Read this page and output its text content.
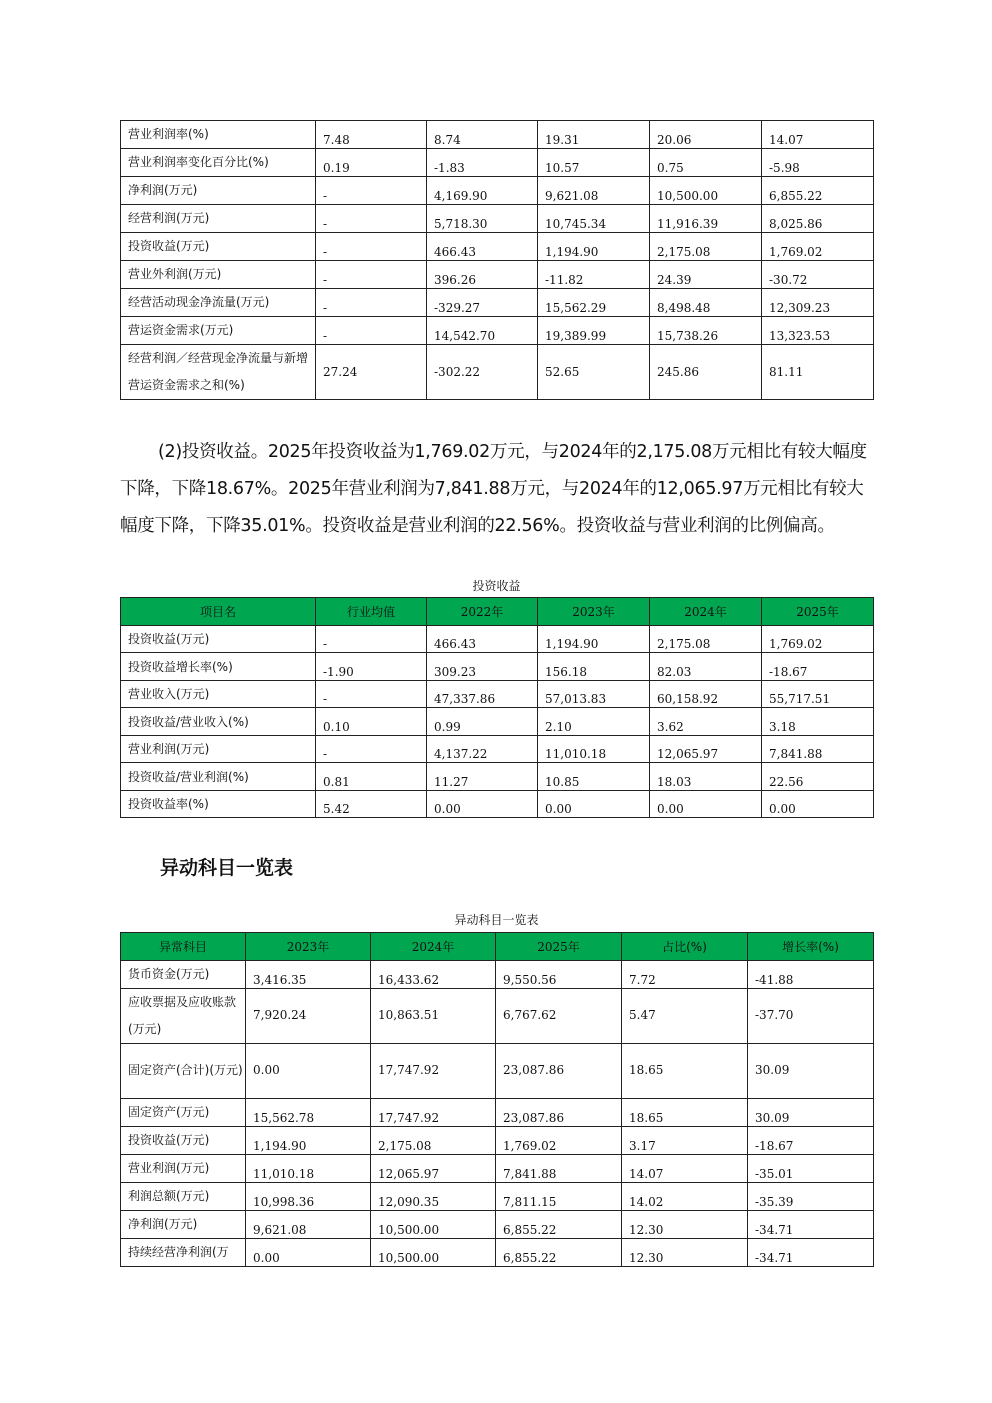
营业利润率(%)	7.48	8.74	19.31	20.06	14.07
营业利润率变化百分比(%)	0.19	-1.83	10.57	0.75	-5.98
净利润(万元)	-	4,169.90	9,621.08	10,500.00	6,855.22
经营利润(万元)	-	5,718.30	10,745.34	11,916.39	8,025.86
投资收益(万元)	-	466.43	1,194.90	2,175.08	1,769.02
营业外利润(万元)	-	396.26	-11.82	24.39	-30.72
经营活动现金净流量(万元)	-	-329.27	15,562.29	8,498.48	12,309.23
营运资金需求(万元)	-	14,542.70	19,389.99	15,738.26	13,323.53
经营利润／经营现金净流量与新增营运资金需求之和(%)	27.24	-302.22	52.65	245.86	81.11

(2)投资收益。2025年投资收益为1,769.02万元，与2024年的2,175.08万元相比有较大幅度下降，下降18.67%。2025年营业利润为7,841.88万元，与2024年的12,065.97万元相比有较大幅度下降，下降35.01%。投资收益是营业利润的22.56%。投资收益与营业利润的比例偏高。

投资收益
项目名	行业均值	2022年	2023年	2024年	2025年
投资收益(万元)	-	466.43	1,194.90	2,175.08	1,769.02
投资收益增长率(%)	-1.90	309.23	156.18	82.03	-18.67
营业收入(万元)	-	47,337.86	57,013.83	60,158.92	55,717.51
投资收益/营业收入(%)	0.10	0.99	2.10	3.62	3.18
营业利润(万元)	-	4,137.22	11,010.18	12,065.97	7,841.88
投资收益/营业利润(%)	0.81	11.27	10.85	18.03	22.56
投资收益率(%)	5.42	0.00	0.00	0.00	0.00
异动科目一览表
异动科目一览表
异常科目	2023年	2024年	2025年	占比(%)	增长率(%)
货币资金(万元)	3,416.35	16,433.62	9,550.56	7.72	-41.88
应收票据及应收账款(万元)	7,920.24	10,863.51	6,767.62	5.47	-37.70
固定资产(合计)(万元)	0.00	17,747.92	23,087.86	18.65	30.09
固定资产(万元)	15,562.78	17,747.92	23,087.86	18.65	30.09
投资收益(万元)	1,194.90	2,175.08	1,769.02	3.17	-18.67
营业利润(万元)	11,010.18	12,065.97	7,841.88	14.07	-35.01
利润总额(万元)	10,998.36	12,090.35	7,811.15	14.02	-35.39
净利润(万元)	9,621.08	10,500.00	6,855.22	12.30	-34.71
持续经营净利润(万	0.00	10,500.00	6,855.22	12.30	-34.71
